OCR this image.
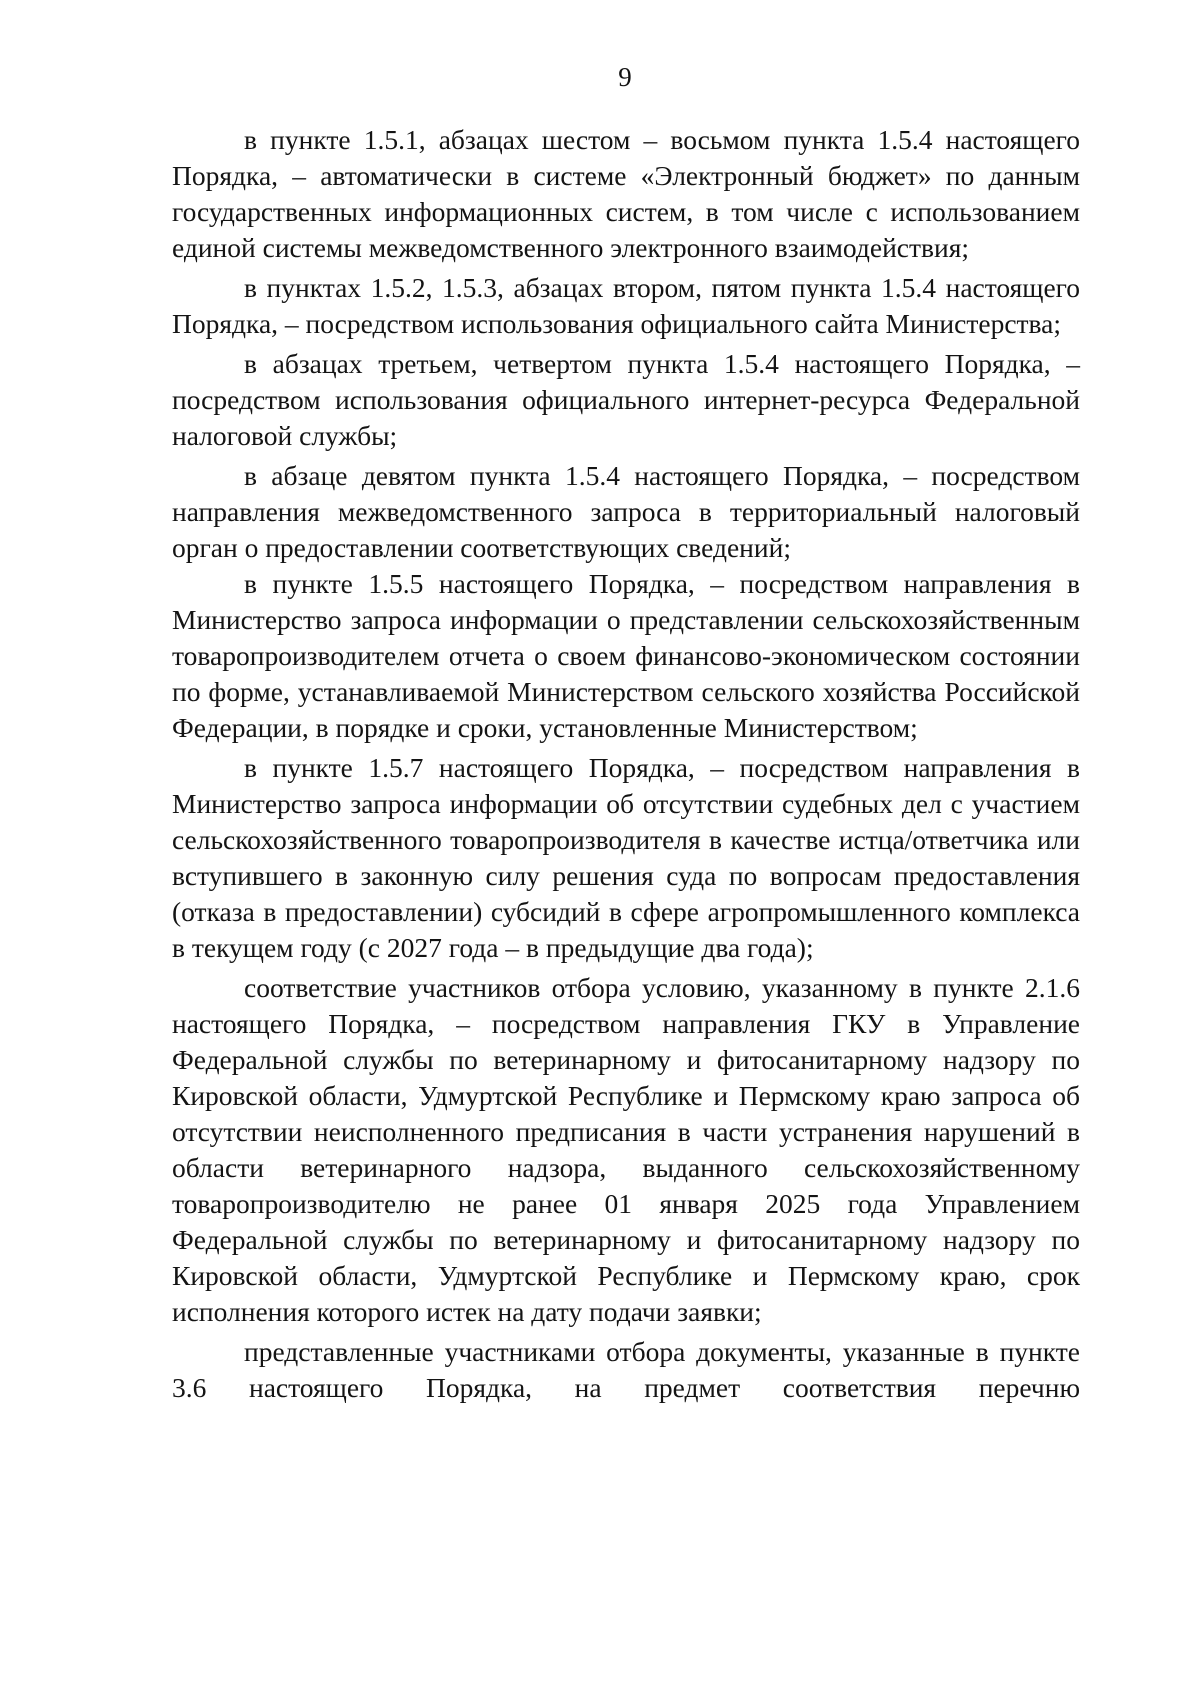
9

в пункте 1.5.1, абзацах шестом – восьмом пункта 1.5.4 настоящего Порядка, – автоматически в системе «Электронный бюджет» по данным государственных информационных систем, в том числе с использованием единой системы межведомственного электронного взаимодействия;

в пунктах 1.5.2, 1.5.3, абзацах втором, пятом пункта 1.5.4 настоящего Порядка, – посредством использования официального сайта Министерства;

в абзацах третьем, четвертом пункта 1.5.4 настоящего Порядка, – посредством использования официального интернет-ресурса Федеральной налоговой службы;

в абзаце девятом пункта 1.5.4 настоящего Порядка, – посредством направления межведомственного запроса в территориальный налоговый орган о предоставлении соответствующих сведений;

в пункте 1.5.5 настоящего Порядка, – посредством направления в Министерство запроса информации о представлении сельскохозяйственным товаропроизводителем отчета о своем финансово-экономическом состоянии по форме, устанавливаемой Министерством сельского хозяйства Российской Федерации, в порядке и сроки, установленные Министерством;

в пункте 1.5.7 настоящего Порядка, – посредством направления в Министерство запроса информации об отсутствии судебных дел с участием сельскохозяйственного товаропроизводителя в качестве истца/ответчика или вступившего в законную силу решения суда по вопросам предоставления (отказа в предоставлении) субсидий в сфере агропромышленного комплекса в текущем году (с 2027 года – в предыдущие два года);

соответствие участников отбора условию, указанному в пункте 2.1.6 настоящего Порядка, – посредством направления ГКУ в Управление Федеральной службы по ветеринарному и фитосанитарному надзору по Кировской области, Удмуртской Республике и Пермскому краю запроса об отсутствии неисполненного предписания в части устранения нарушений в области ветеринарного надзора, выданного сельскохозяйственному товаропроизводителю не ранее 01 января 2025 года Управлением Федеральной службы по ветеринарному и фитосанитарному надзору по Кировской области, Удмуртской Республике и Пермскому краю, срок исполнения которого истек на дату подачи заявки;

представленные участниками отбора документы, указанные в пункте 3.6 настоящего Порядка, на предмет соответствия перечню
